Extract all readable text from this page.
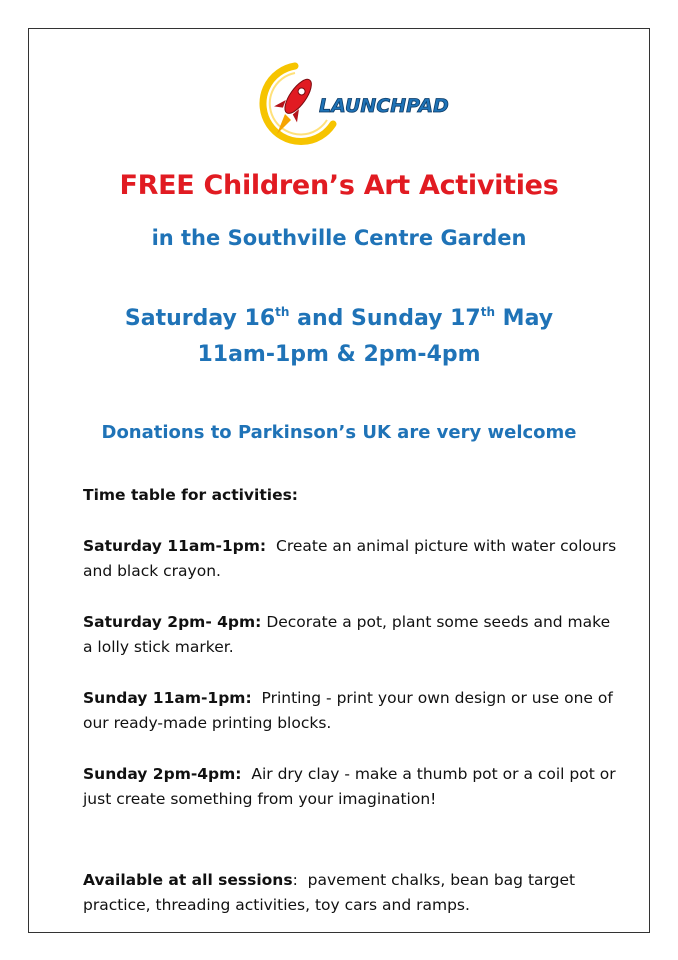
LAUNCHPAD
FREE Children’s Art Activities
in the Southville Centre Garden
Saturday 16th and Sunday 17th May
11am-1pm & 2pm-4pm
Donations to Parkinson’s UK are very welcome
Time table for activities:
Saturday 11am-1pm:  Create an animal picture with water colours and black crayon.
Saturday 2pm- 4pm: Decorate a pot, plant some seeds and make a lolly stick marker.
Sunday 11am-1pm:  Printing - print your own design or use one of our ready-made printing blocks.
Sunday 2pm-4pm:  Air dry clay - make a thumb pot or a coil pot or just create something from your imagination!
Available at all sessions:  pavement chalks, bean bag target practice, threading activities, toy cars and ramps.
